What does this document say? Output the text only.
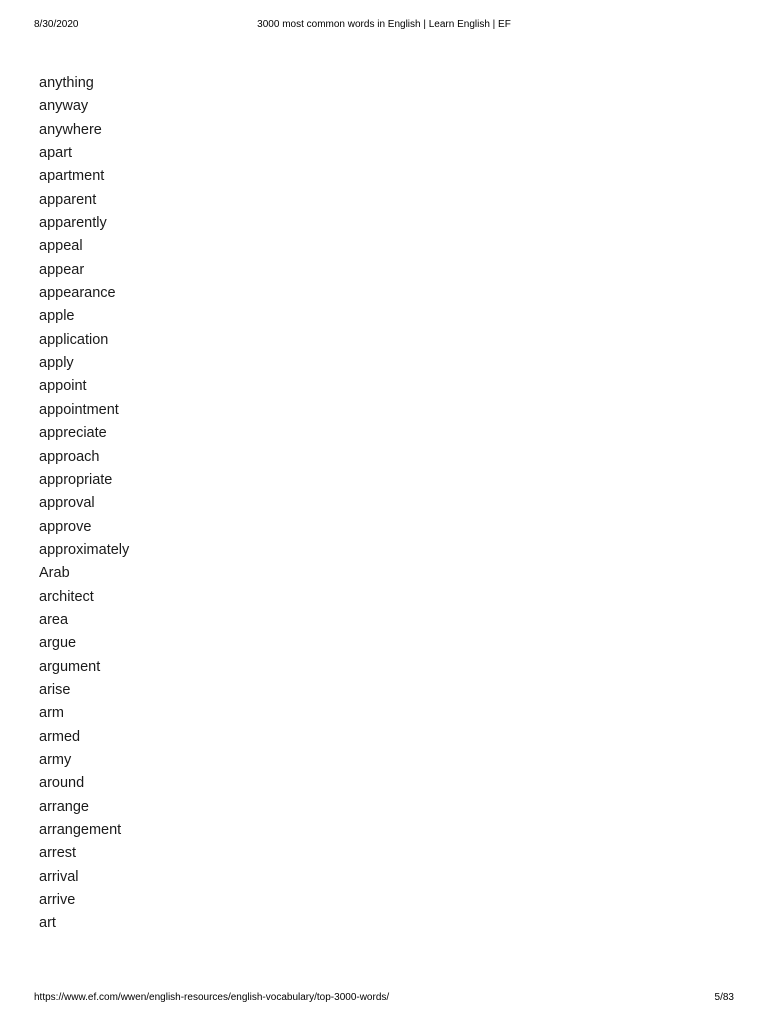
8/30/2020	3000 most common words in English | Learn English | EF
anything
anyway
anywhere
apart
apartment
apparent
apparently
appeal
appear
appearance
apple
application
apply
appoint
appointment
appreciate
approach
appropriate
approval
approve
approximately
Arab
architect
area
argue
argument
arise
arm
armed
army
around
arrange
arrangement
arrest
arrival
arrive
art
https://www.ef.com/wwen/english-resources/english-vocabulary/top-3000-words/	5/83
